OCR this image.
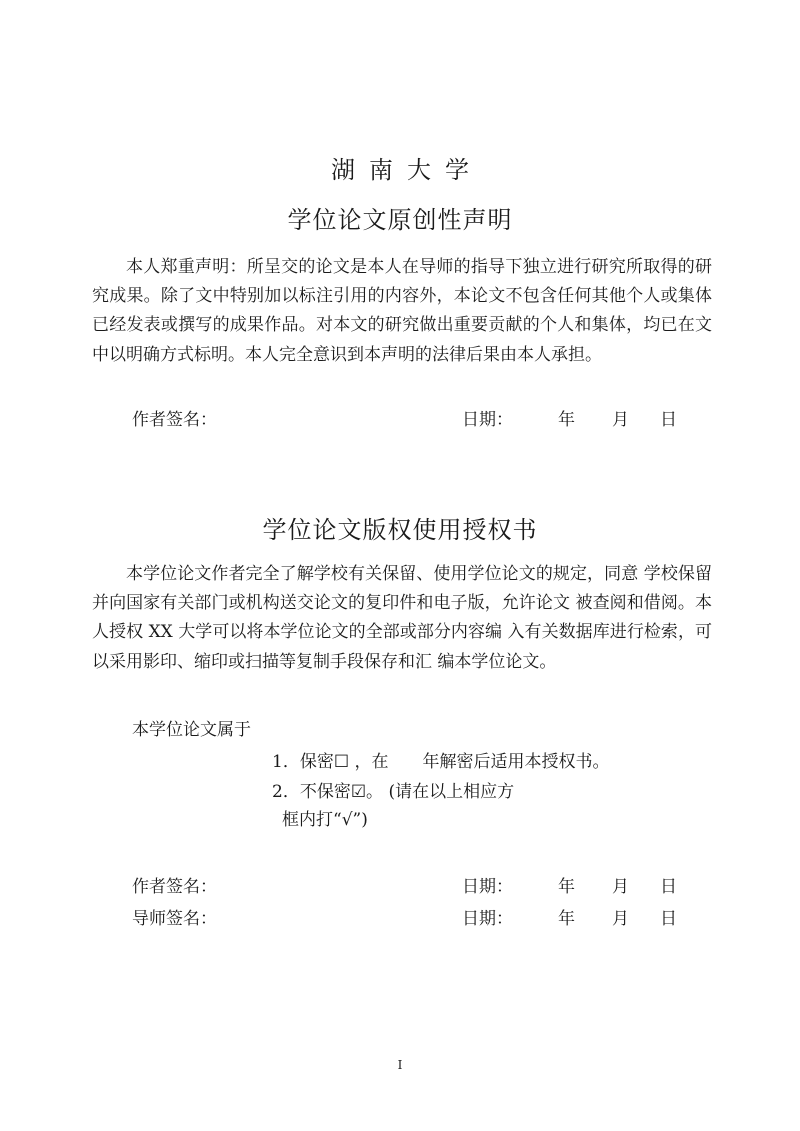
湖南大学
学位论文原创性声明
本人郑重声明：所呈交的论文是本人在导师的指导下独立进行研究所取得的研究成果。除了文中特别加以标注引用的内容外，本论文不包含任何其他个人或集体已经发表或撰写的成果作品。对本文的研究做出重要贡献的个人和集体，均已在文中以明确方式标明。本人完全意识到本声明的法律后果由本人承担。
作者签名：	日期：	年 月 日
学位论文版权使用授权书
本学位论文作者完全了解学校有关保留、使用学位论文的规定，同意 学校保留并向国家有关部门或机构送交论文的复印件和电子版，允许论文 被查阅和借阅。本人授权 XX 大学可以将本学位论文的全部或部分内容编 入有关数据库进行检索，可以采用影印、缩印或扫描等复制手段保存和汇 编本学位论文。
本学位论文属于
1．保密☐ ，在　　年解密后适用本授权书。
2．不保密☑。 (请在以上相应方
框内打“√”)
作者签名：	日期：	年 月 日
导师签名：	日期：	年 月 日
I
